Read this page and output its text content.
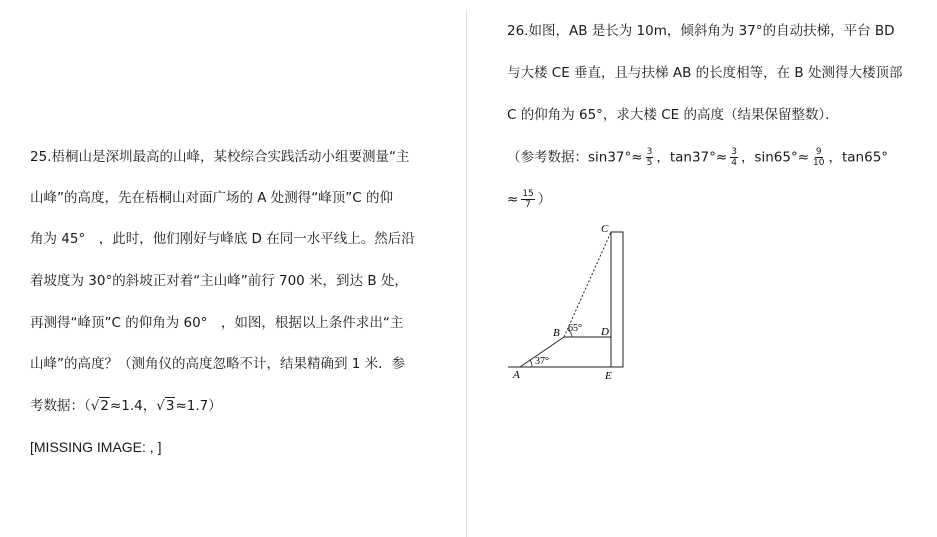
25.梧桐山是深圳最高的山峰，某校综合实践活动小组要测量“主
山峰”的高度，先在梧桐山对面广场的 A 处测得“峰顶”C 的仰
角为 45°　，此时，他们刚好与峰底 D 在同一水平线上。然后沿
着坡度为 30°的斜坡正对着“主山峰”前行 700 米，到达 B 处，
再测得“峰顶”C 的仰角为 60°　，如图，根据以上条件求出“主
山峰”的高度？（测角仪的高度忽略不计，结果精确到 1 米．参
考数据：（√2≈1.4，√3≈1.7）
[MISSING IMAGE: , ]
26.如图，AB 是长为 10m，倾斜角为 37°的自动扶梯，平台 BD
与大楼 CE 垂直，且与扶梯 AB 的长度相等，在 B 处测得大楼顶部
C 的仰角为 65°，求大楼 CE 的高度（结果保留整数）．
（参考数据：$\sin 37^\circ\approx \frac{3}{5}$ ，$\tan 37^\circ\approx \frac{3}{4}$ ，$\sin 65^\circ\approx \frac{9}{10}$ ，tan65°
≈ $\frac{15}{7}$ ）
C
B	D
A	E
65°
37°
